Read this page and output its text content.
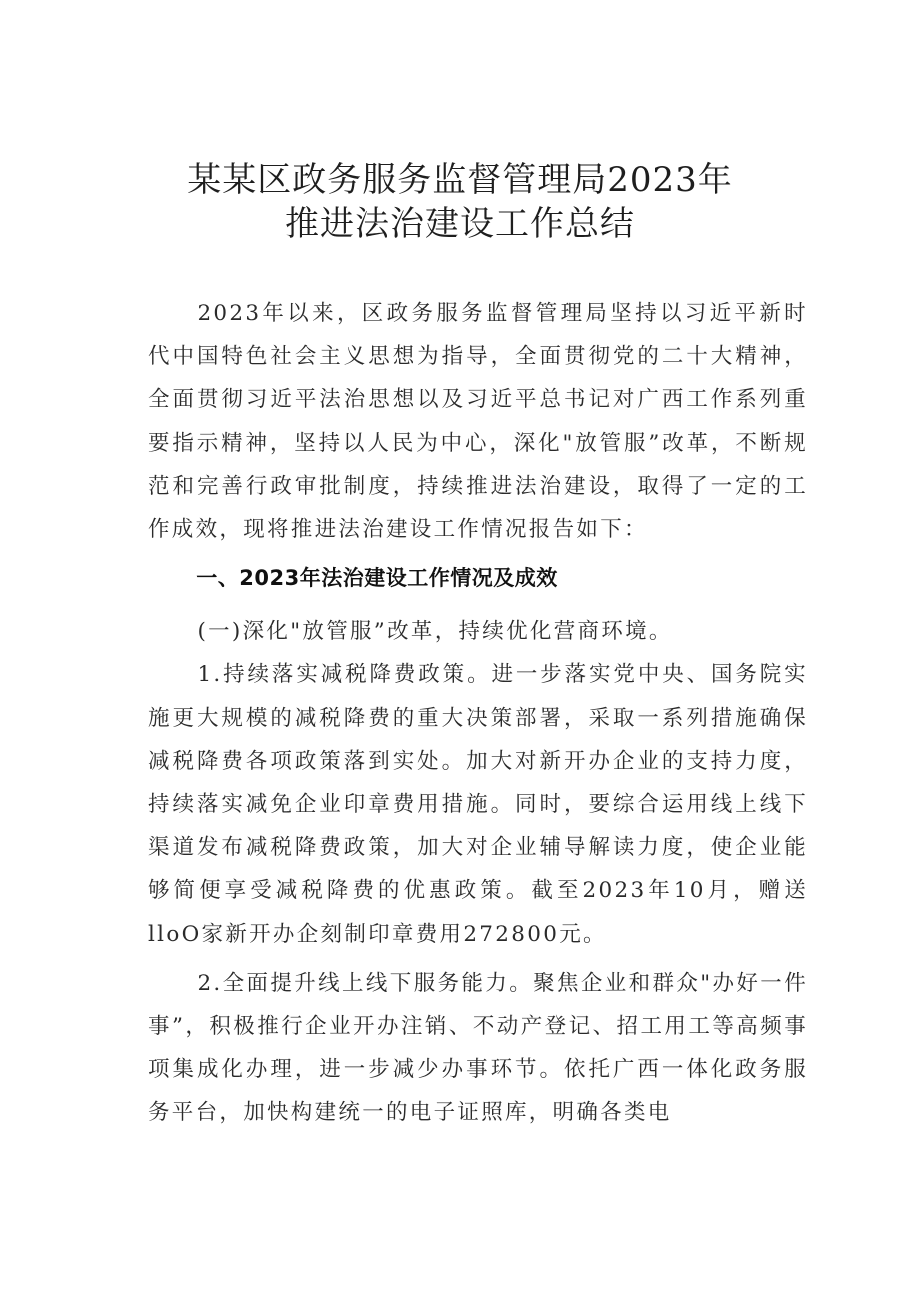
某某区政务服务监督管理局2023年
推进法治建设工作总结

2023年以来，区政务服务监督管理局坚持以习近平新时代中国特色社会主义思想为指导，全面贯彻党的二十大精神，全面贯彻习近平法治思想以及习近平总书记对广西工作系列重要指示精神，坚持以人民为中心，深化"放管服”改革，不断规范和完善行政审批制度，持续推进法治建设，取得了一定的工作成效，现将推进法治建设工作情况报告如下：

一、2023年法治建设工作情况及成效

(一)深化"放管服”改革，持续优化营商环境。

1.持续落实减税降费政策。进一步落实党中央、国务院实施更大规模的减税降费的重大决策部署，采取一系列措施确保减税降费各项政策落到实处。加大对新开办企业的支持力度，持续落实减免企业印章费用措施。同时，要综合运用线上线下渠道发布减税降费政策，加大对企业辅导解读力度，使企业能够简便享受减税降费的优惠政策。截至2023年10月，赠送lloO家新开办企刻制印章费用272800元。

2.全面提升线上线下服务能力。聚焦企业和群众"办好一件事”，积极推行企业开办注销、不动产登记、招工用工等高频事项集成化办理，进一步减少办事环节。依托广西一体化政务服务平台，加快构建统一的电子证照库，明确各类电
